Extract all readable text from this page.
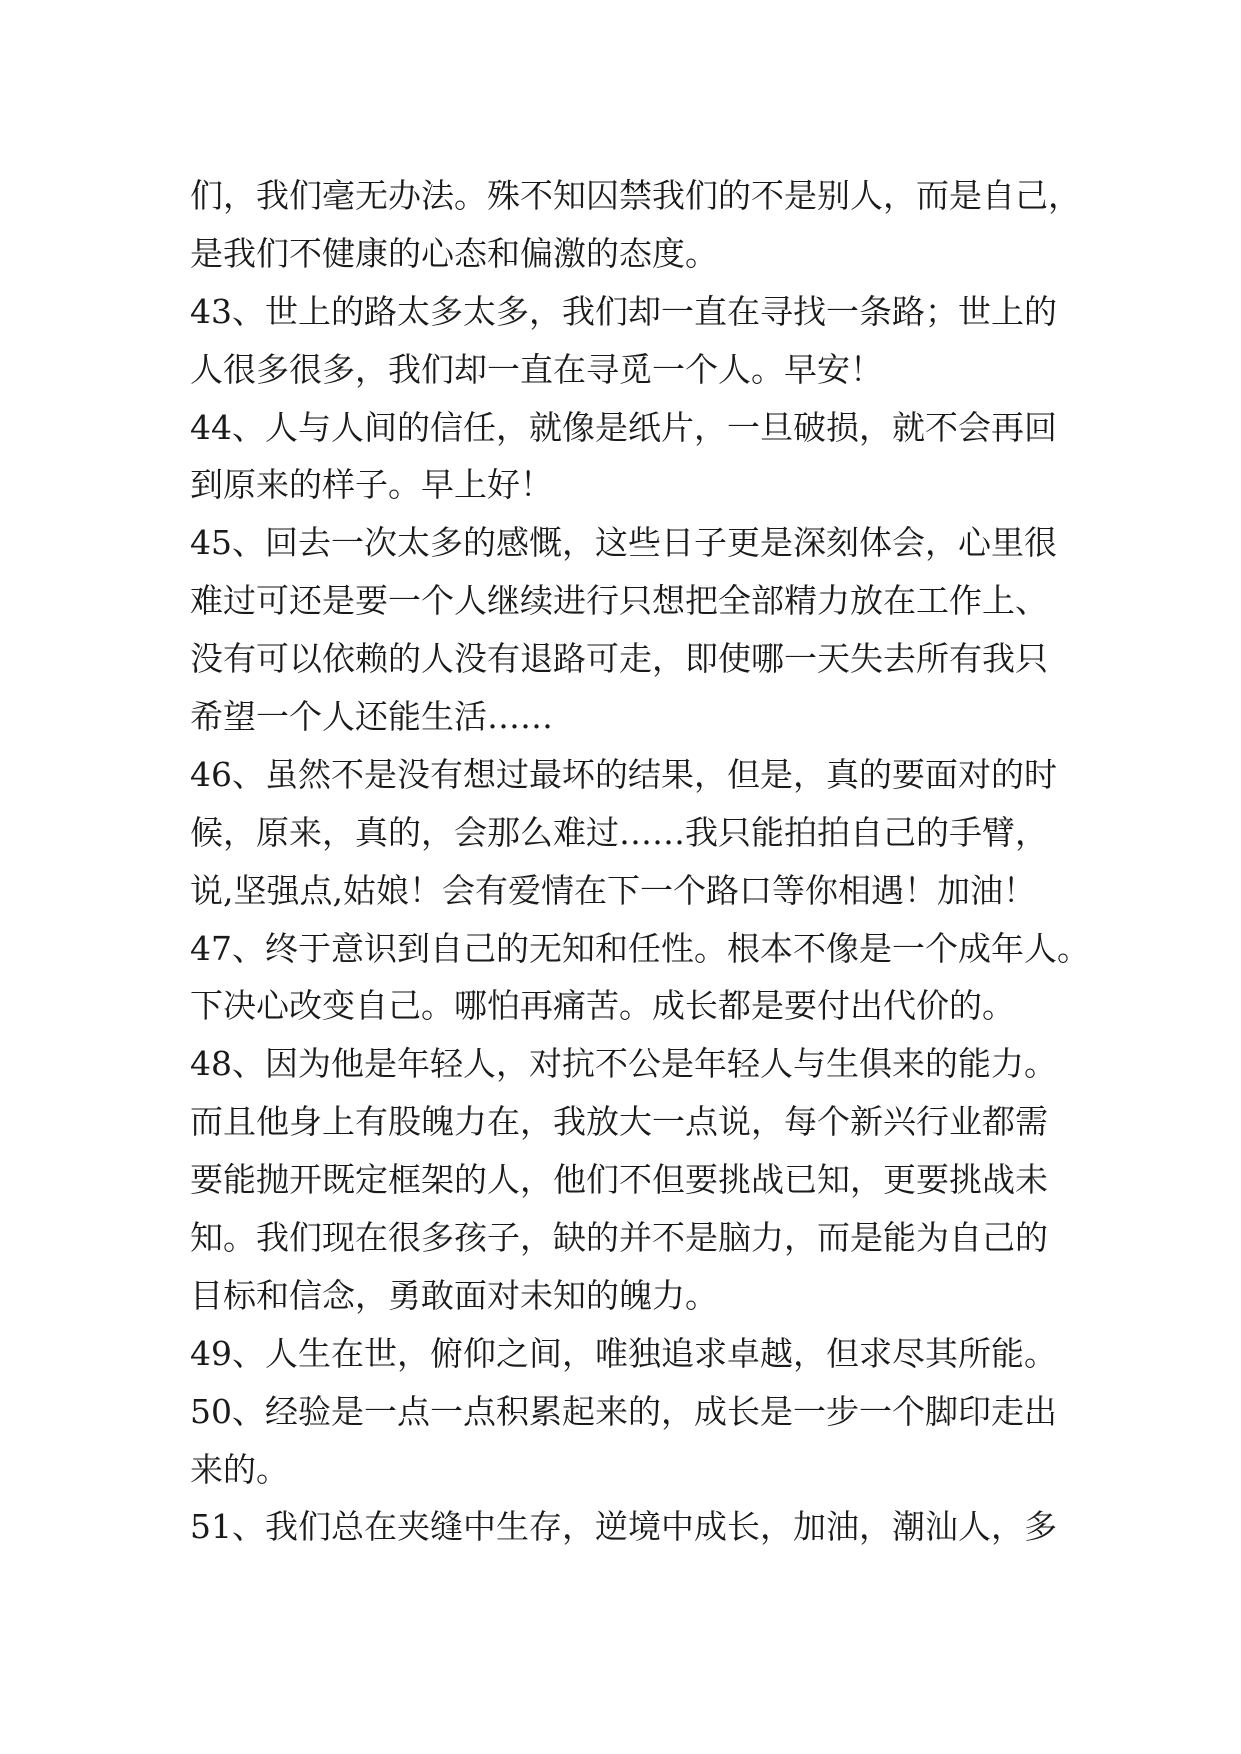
们，我们毫无办法。殊不知囚禁我们的不是别人，而是自己，
是我们不健康的心态和偏激的态度。
43、世上的路太多太多，我们却一直在寻找一条路；世上的
人很多很多，我们却一直在寻觅一个人。早安！
44、人与人间的信任，就像是纸片，一旦破损，就不会再回
到原来的样子。早上好！
45、回去一次太多的感慨，这些日子更是深刻体会，心里很
难过可还是要一个人继续进行只想把全部精力放在工作上、
没有可以依赖的人没有退路可走，即使哪一天失去所有我只
希望一个人还能生活……
46、虽然不是没有想过最坏的结果，但是，真的要面对的时
候，原来，真的，会那么难过……我只能拍拍自己的手臂，
说,坚强点,姑娘！会有爱情在下一个路口等你相遇！加油！
47、终于意识到自己的无知和任性。根本不像是一个成年人。
下决心改变自己。哪怕再痛苦。成长都是要付出代价的。
48、因为他是年轻人，对抗不公是年轻人与生俱来的能力。
而且他身上有股魄力在，我放大一点说，每个新兴行业都需
要能抛开既定框架的人，他们不但要挑战已知，更要挑战未
知。我们现在很多孩子，缺的并不是脑力，而是能为自己的
目标和信念，勇敢面对未知的魄力。
49、人生在世，俯仰之间，唯独追求卓越，但求尽其所能。
50、经验是一点一点积累起来的，成长是一步一个脚印走出
来的。
51、我们总在夹缝中生存，逆境中成长，加油，潮汕人，多
